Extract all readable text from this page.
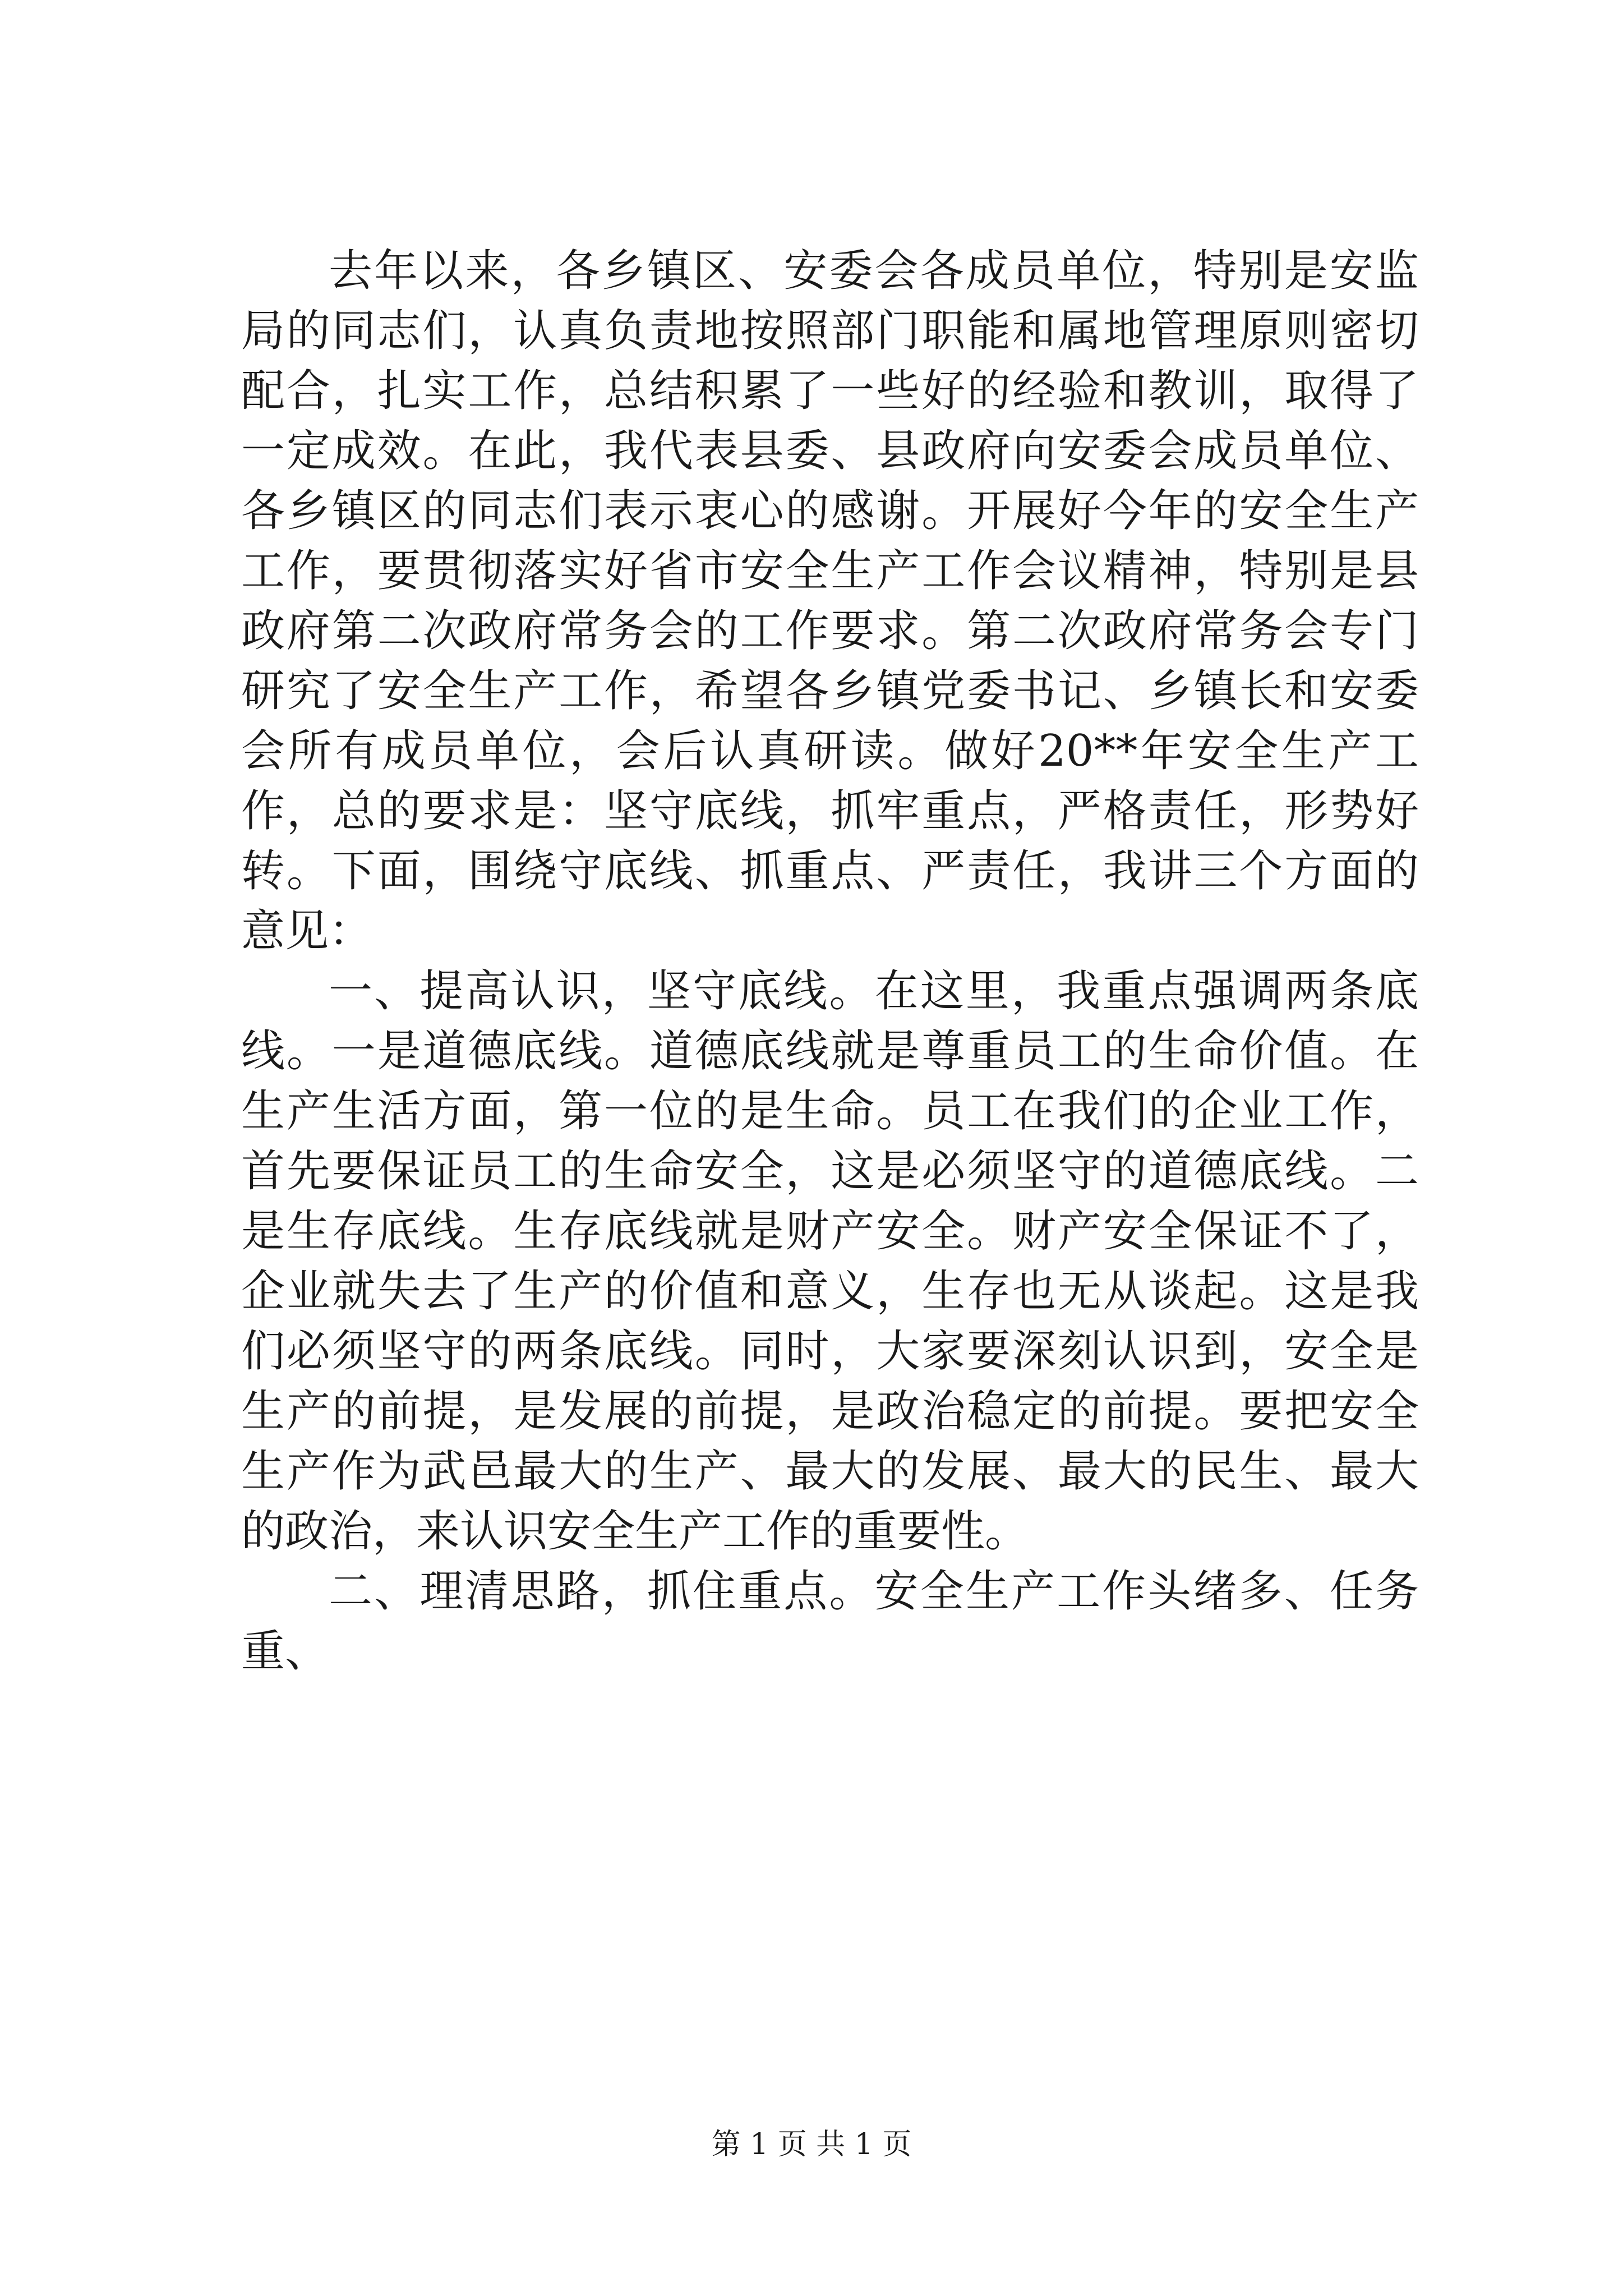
去年以来，各乡镇区、安委会各成员单位，特别是安监局的同志们，认真负责地按照部门职能和属地管理原则密切配合，扎实工作，总结积累了一些好的经验和教训，取得了一定成效。在此，我代表县委、县政府向安委会成员单位、各乡镇区的同志们表示衷心的感谢。开展好今年的安全生产工作，要贯彻落实好省市安全生产工作会议精神，特别是县政府第二次政府常务会的工作要求。第二次政府常务会专门研究了安全生产工作，希望各乡镇党委书记、乡镇长和安委会所有成员单位，会后认真研读。做好20**年安全生产工作，总的要求是：坚守底线，抓牢重点，严格责任，形势好转。下面，围绕守底线、抓重点、严责任，我讲三个方面的意见：

一、提高认识，坚守底线。在这里，我重点强调两条底线。一是道德底线。道德底线就是尊重员工的生命价值。在生产生活方面，第一位的是生命。员工在我们的企业工作，首先要保证员工的生命安全，这是必须坚守的道德底线。二是生存底线。生存底线就是财产安全。财产安全保证不了，企业就失去了生产的价值和意义，生存也无从谈起。这是我们必须坚守的两条底线。同时，大家要深刻认识到，安全是生产的前提，是发展的前提，是政治稳定的前提。要把安全生产作为武邑最大的生产、最大的发展、最大的民生、最大的政治，来认识安全生产工作的重要性。

二、理清思路，抓住重点。安全生产工作头绪多、任务重、

第 1 页 共 1 页
